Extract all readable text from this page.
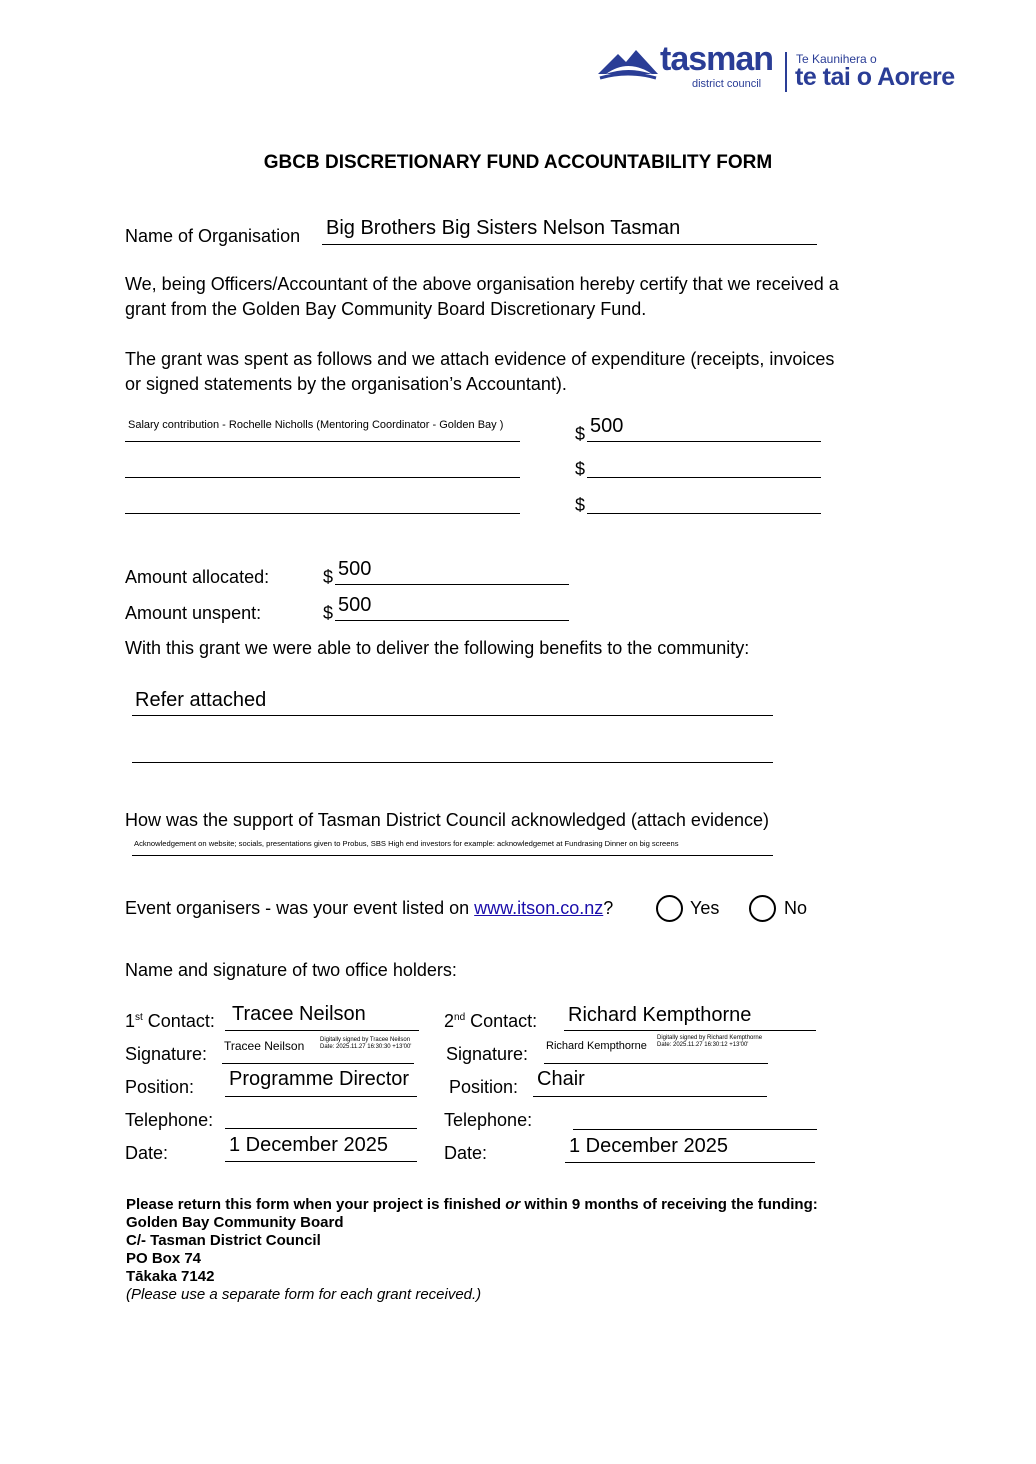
tasman
district council
Te Kaunihera o
te tai o Aorere
GBCB DISCRETIONARY FUND ACCOUNTABILITY FORM
Name of Organisation Big Brothers Big Sisters Nelson Tasman
We, being Officers/Accountant of the above organisation hereby certify that we received a
grant from the Golden Bay Community Board Discretionary Fund.
The grant was spent as follows and we attach evidence of expenditure (receipts, invoices
or signed statements by the organisation’s Accountant).
Salary contribution - Rochelle Nicholls (Mentoring Coordinator - Golden Bay )	$ 500
$
$
Amount allocated:	$ 500
Amount unspent:	$ 500
With this grant we were able to deliver the following benefits to the community:
Refer attached
How was the support of Tasman District Council acknowledged (attach evidence)
Acknowledgement on website; socials, presentations given to Probus, SBS High end investors for example: acknowledgemet at Fundrasing Dinner on big screens
Event organisers - was your event listed on www.itson.co.nz?	Yes	No
Name and signature of two office holders:
1st Contact: Tracee Neilson
Signature: Tracee Neilson	Digitally signed by Tracee Neilson Date: 2025.11.27 16:30:30 +13'00'
Position: Programme Director
Telephone:
Date:	1 December 2025
2nd Contact: Richard Kempthorne
Signature: Richard Kempthorne
Digitally signed by Richard Kempthorne Date: 2025.11.27 16:30:12 +13'00'
Position: Chair
Telephone:
Date:	1 December 2025
Please return this form when your project is finished or within 9 months of receiving the funding:
Golden Bay Community Board
C/- Tasman District Council
PO Box 74
Tākaka 7142
(Please use a separate form for each grant received.)
